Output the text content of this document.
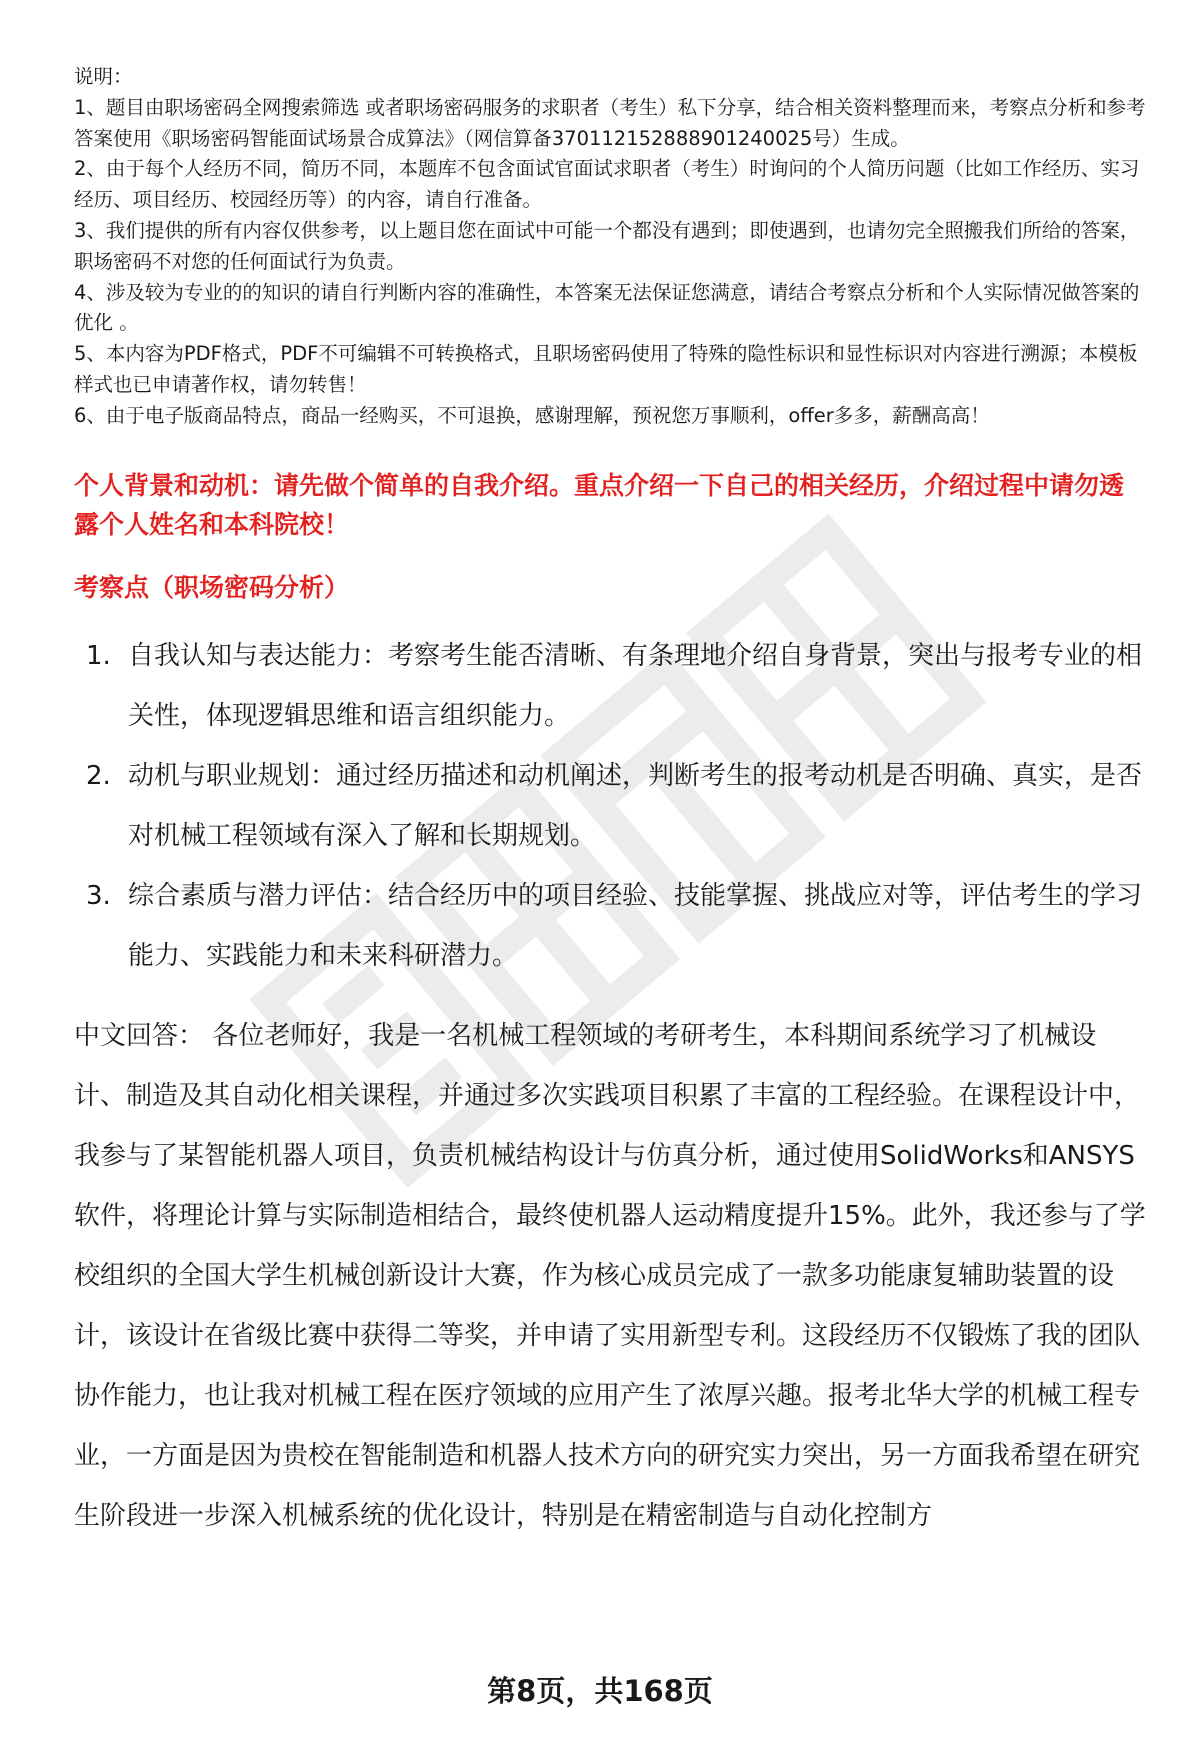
说明：

1、题目由职场密码全网搜索筛选 或者职场密码服务的求职者（考生）私下分享，结合相关资料整理而来，考察点分析和参考答案使用《职场密码智能面试场景合成算法》（网信算备370112152888901240025号）生成。

2、由于每个人经历不同，简历不同，本题库不包含面试官面试求职者（考生）时询问的个人简历问题（比如工作经历、实习经历、项目经历、校园经历等）的内容，请自行准备。

3、我们提供的所有内容仅供参考，以上题目您在面试中可能一个都没有遇到；即使遇到，也请勿完全照搬我们所给的答案，职场密码不对您的任何面试行为负责。

4、涉及较为专业的的知识的请自行判断内容的准确性，本答案无法保证您满意，请结合考察点分析和个人实际情况做答案的优化 。

5、本内容为PDF格式，PDF不可编辑不可转换格式，且职场密码使用了特殊的隐性标识和显性标识对内容进行溯源；本模板样式也已申请著作权，请勿转售！

6、由于电子版商品特点，商品一经购买，不可退换，感谢理解，预祝您万事顺利，offer多多，薪酬高高！

个人背景和动机：请先做个简单的自我介绍。重点介绍一下自己的相关经历，介绍过程中请勿透露个人姓名和本科院校！
考察点（职场密码分析）
1. 自我认知与表达能力：考察考生能否清晰、有条理地介绍自身背景，突出与报考专业的相关性，体现逻辑思维和语言组织能力。
2. 动机与职业规划：通过经历描述和动机阐述，判断考生的报考动机是否明确、真实，是否对机械工程领域有深入了解和长期规划。
3. 综合素质与潜力评估：结合经历中的项目经验、技能掌握、挑战应对等，评估考生的学习能力、实践能力和未来科研潜力。
中文回答： 各位老师好，我是一名机械工程领域的考研考生，本科期间系统学习了机械设计、制造及其自动化相关课程，并通过多次实践项目积累了丰富的工程经验。在课程设计中，我参与了某智能机器人项目，负责机械结构设计与仿真分析，通过使用SolidWorks和ANSYS软件，将理论计算与实际制造相结合，最终使机器人运动精度提升15%。此外，我还参与了学校组织的全国大学生机械创新设计大赛，作为核心成员完成了一款多功能康复辅助装置的设计，该设计在省级比赛中获得二等奖，并申请了实用新型专利。这段经历不仅锻炼了我的团队协作能力，也让我对机械工程在医疗领域的应用产生了浓厚兴趣。报考北华大学的机械工程专业，一方面是因为贵校在智能制造和机器人技术方向的研究实力突出，另一方面我希望在研究生阶段进一步深入机械系统的优化设计，特别是在精密制造与自动化控制方
第8页，共168页
